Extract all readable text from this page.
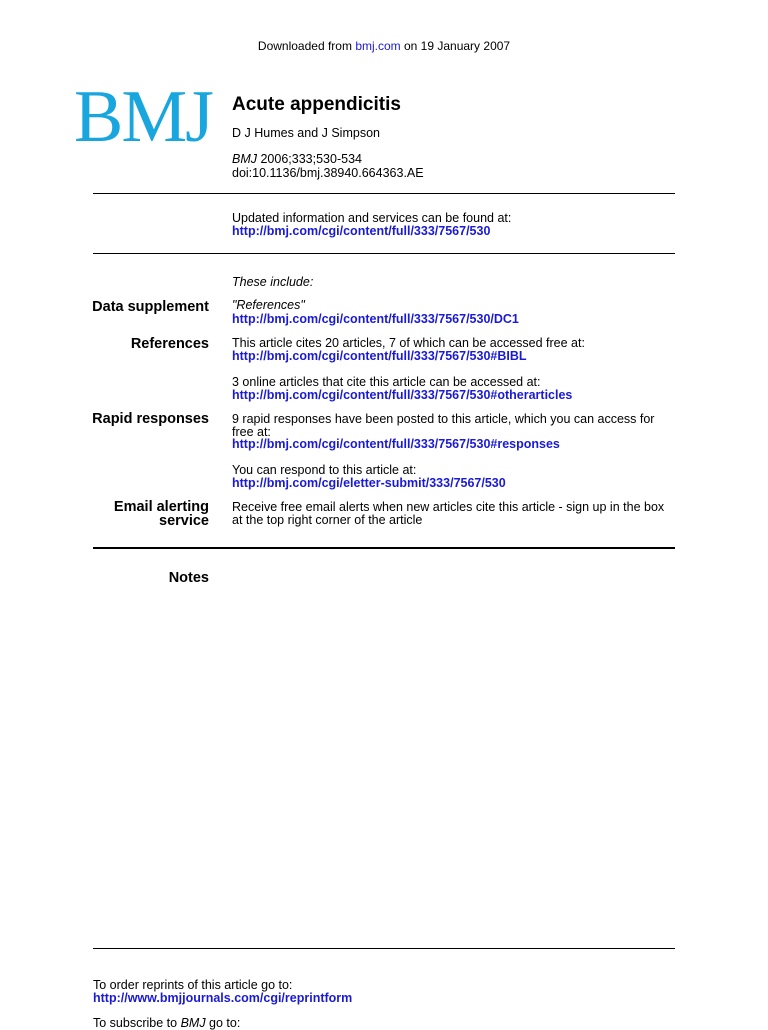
Downloaded from bmj.com on 19 January 2007
BMJ Acute appendicitis
D J Humes and J Simpson
BMJ 2006;333;530-534
doi:10.1136/bmj.38940.664363.AE
Updated information and services can be found at:
http://bmj.com/cgi/content/full/333/7567/530
These include:
Data supplement "References"
http://bmj.com/cgi/content/full/333/7567/530/DC1
References This article cites 20 articles, 7 of which can be accessed free at:
http://bmj.com/cgi/content/full/333/7567/530#BIBL
3 online articles that cite this article can be accessed at:
http://bmj.com/cgi/content/full/333/7567/530#otherarticles
Rapid responses 9 rapid responses have been posted to this article, which you can access for free at:
http://bmj.com/cgi/content/full/333/7567/530#responses
You can respond to this article at:
http://bmj.com/cgi/eletter-submit/333/7567/530
Email alerting
service
Receive free email alerts when new articles cite this article - sign up in the box at the top right corner of the article
Notes
To order reprints of this article go to:
http://www.bmjjournals.com/cgi/reprintform
To subscribe to BMJ go to:
